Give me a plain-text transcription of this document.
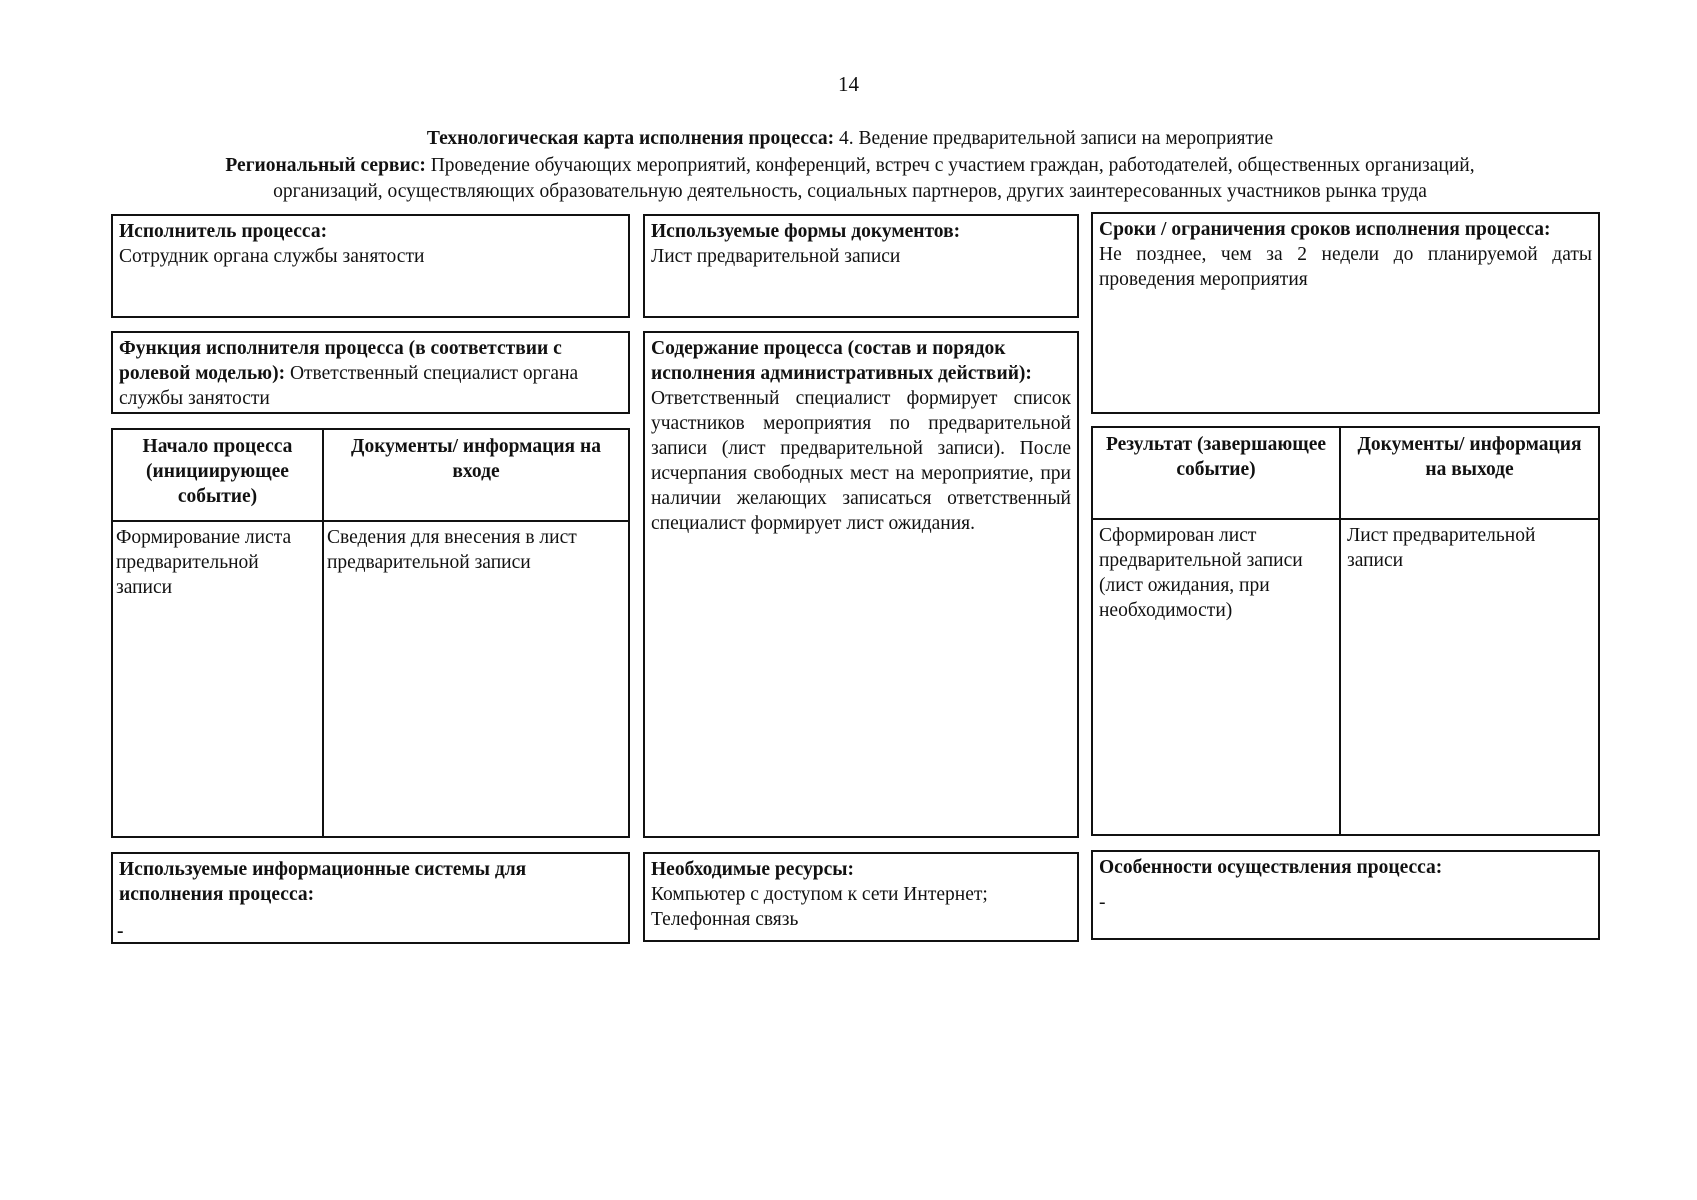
14
Технологическая карта исполнения процесса: 4. Ведение предварительной записи на мероприятие
Региональный сервис: Проведение обучающих мероприятий, конференций, встреч с участием граждан, работодателей, общественных организаций,
организаций, осуществляющих образовательную деятельность, социальных партнеров, других заинтересованных участников рынка труда
Исполнитель процесса:
Сотрудник органа службы занятости
Используемые формы документов:
Лист предварительной записи
Сроки / ограничения сроков исполнения процесса:
Не позднее, чем за 2 недели до планируемой даты проведения мероприятия
Функция исполнителя процесса (в соответствии с ролевой моделью): Ответственный специалист органа службы занятости
Содержание процесса (состав и порядок исполнения административных действий):
Ответственный специалист формирует список участников мероприятия по предварительной записи (лист предварительной записи). После исчерпания свободных мест на мероприятие, при наличии желающих записаться ответственный специалист формирует лист ожидания.
Начало процесса (инициирующее событие)
Документы/ информация на входе
Формирование листа предварительной записи
Сведения для внесения в лист предварительной записи
Результат (завершающее событие)
Документы/ информация на выходе
Сформирован лист предварительной записи (лист ожидания, при необходимости)
Лист предварительной записи
Используемые информационные системы для исполнения процесса:
-
Необходимые ресурсы:
Компьютер с доступом к сети Интернет;
Телефонная связь
Особенности осуществления процесса:
-
